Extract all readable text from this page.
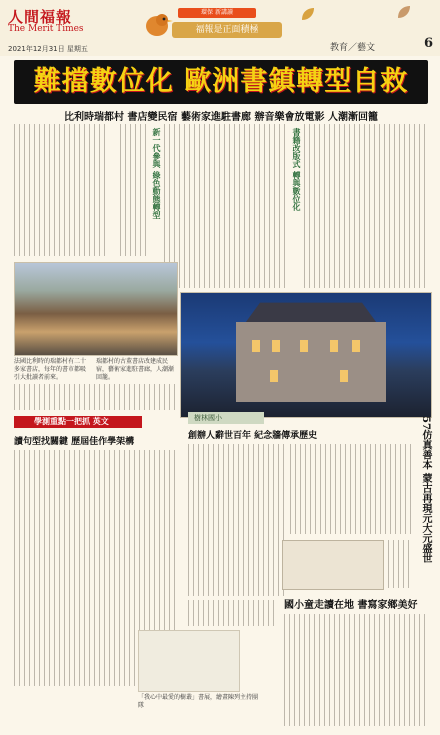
人間福報
The Merit Times
2021年12月31日 星期五
環保 新講讀
福報是正面積極
教育／藝文	6
難擋數位化 歐洲書鎮轉型自救
比利時瑞都村 書店變民宿 藝術家進駐書廊 辦音樂會放電影 人潮漸回籠
新一代參與 綠色動態轉型	書籍改版式 轉與數位化
法國比利時的瑞都村有二十多家書店，每年的書市都吸引大批讀者前來。
瑞都村的古董書店改建成民宿，藝術家進駐書廊，人潮漸回籠。
學測重點一把抓 英文
讀句型找關鍵 歷屆佳作學架構
樹林國小
創辦人辭世百年 紀念牆傳承歷史	57仿真善本 蒙古再現元大元盛世
國小童走讀在地 書寫家鄉美好
「我心中最愛的樹叢」書展，繪畫陳列主持團隊
